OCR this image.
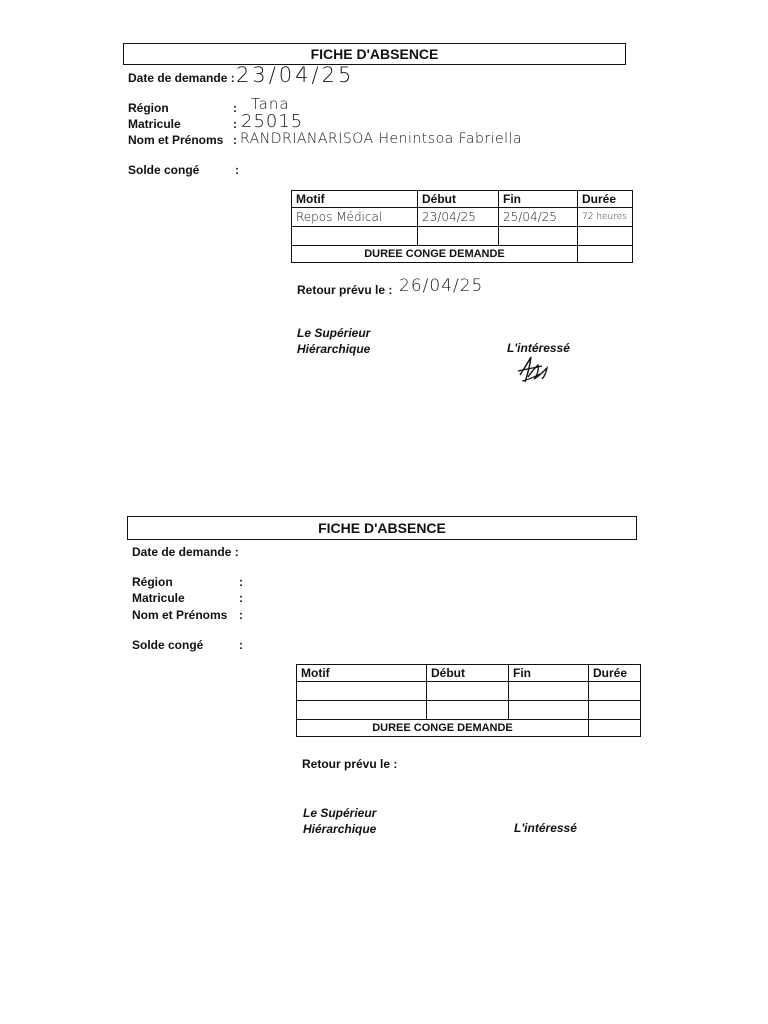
FICHE D'ABSENCE
Date de demande : 23/04/25
Région	: Tana
Matricule	: 25015
Nom et Prénoms : RANDRIANARISOA Henintsoa Fabriella
Solde congé	:
Motif	Début	Fin	Durée
Repos Médical	23/04/25	25/04/25	72 heures

DUREE CONGE DEMANDE			
Retour prévu le : 26/04/25
Le Supérieur
Hiérarchique	L'intéressé
FICHE D'ABSENCE
Date de demande :
Région	:
Matricule	:
Nom et Prénoms :
Solde congé	:
Motif	Début	Fin	Durée

DUREE CONGE DEMANDE			
Retour prévu le :
Le Supérieur
Hiérarchique	L'intéressé
